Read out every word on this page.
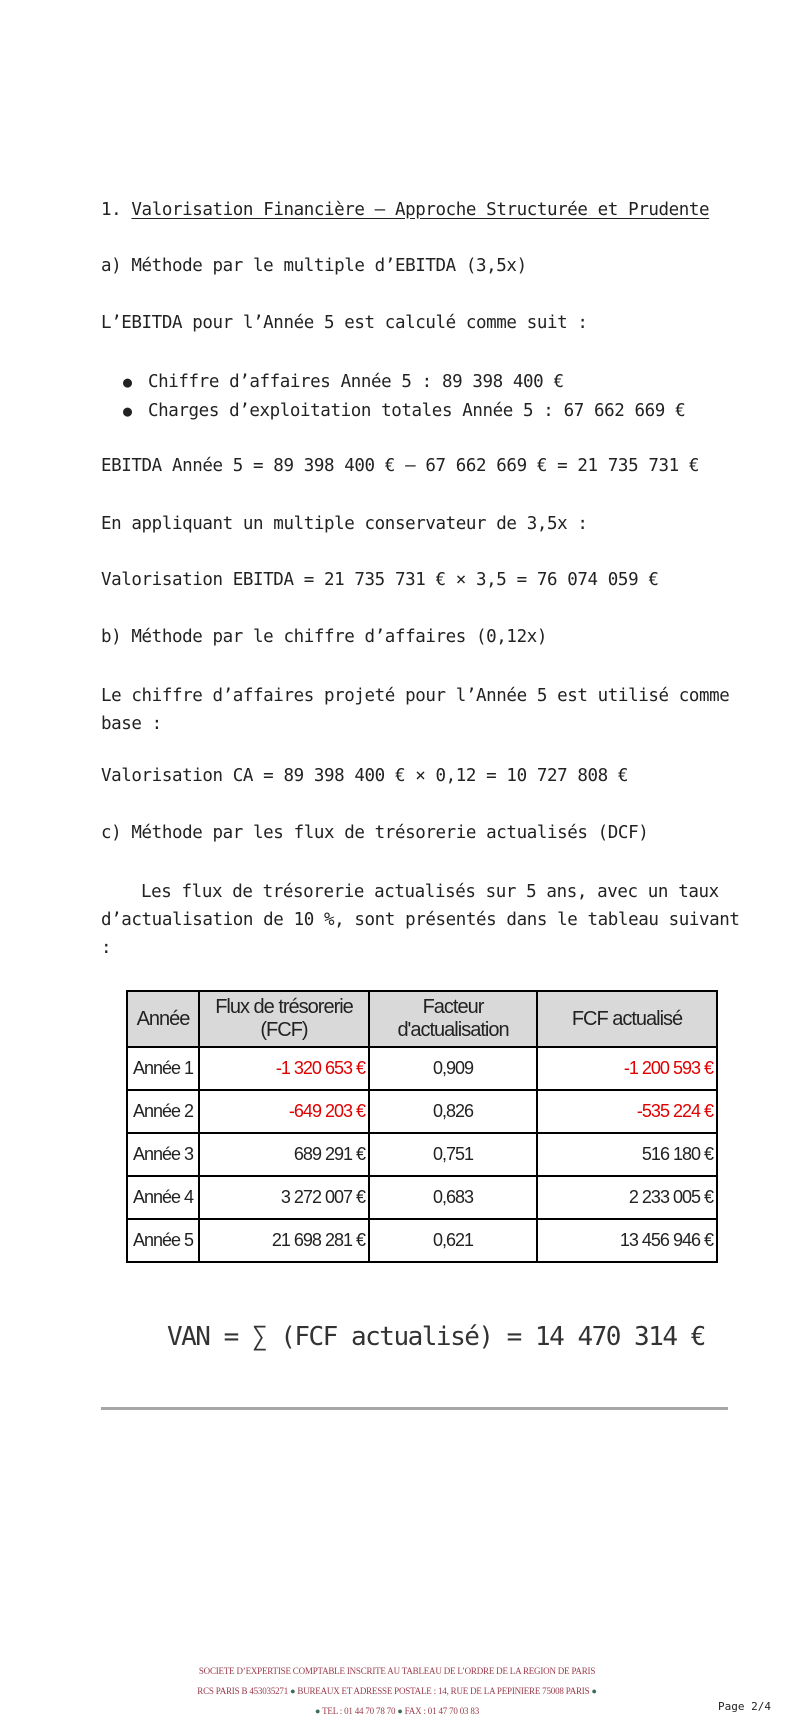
1. Valorisation Financière – Approche Structurée et Prudente
a) Méthode par le multiple d’EBITDA (3,5x)
L’EBITDA pour l’Année 5 est calculé comme suit :
● Chiffre d’affaires Année 5 : 89 398 400 €
● Charges d’exploitation totales Année 5 : 67 662 669 €
EBITDA Année 5 = 89 398 400 € – 67 662 669 € = 21 735 731 €
En appliquant un multiple conservateur de 3,5x :
Valorisation EBITDA = 21 735 731 € × 3,5 = 76 074 059 €
b) Méthode par le chiffre d’affaires (0,12x)
Le chiffre d’affaires projeté pour l’Année 5 est utilisé comme base :
Valorisation CA = 89 398 400 € × 0,12 = 10 727 808 €
c) Méthode par les flux de trésorerie actualisés (DCF)
Les flux de trésorerie actualisés sur 5 ans, avec un taux d’actualisation de 10 %, sont présentés dans le tableau suivant :
Année	Flux de trésorerie (FCF)	Facteur d'actualisation	FCF actualisé
Année 1	-1 320 653 €	0,909	-1 200 593 €
Année 2	-649 203 €	0,826	-535 224 €
Année 3	689 291 €	0,751	516 180 €
Année 4	3 272 007 €	0,683	2 233 005 €
Année 5	21 698 281 €	0,621	13 456 946 €
VAN = ∑ (FCF actualisé) = 14 470 314 €
SOCIETE D’EXPERTISE COMPTABLE INSCRITE AU TABLEAU DE L’ORDRE DE LA REGION DE PARIS
RCS PARIS B 453035271 ● BUREAUX ET ADRESSE POSTALE : 14, RUE DE LA PEPINIERE 75008 PARIS ●
● TEL : 01 44 70 78 70 ● FAX : 01 47 70 03 83	Page 2/4
